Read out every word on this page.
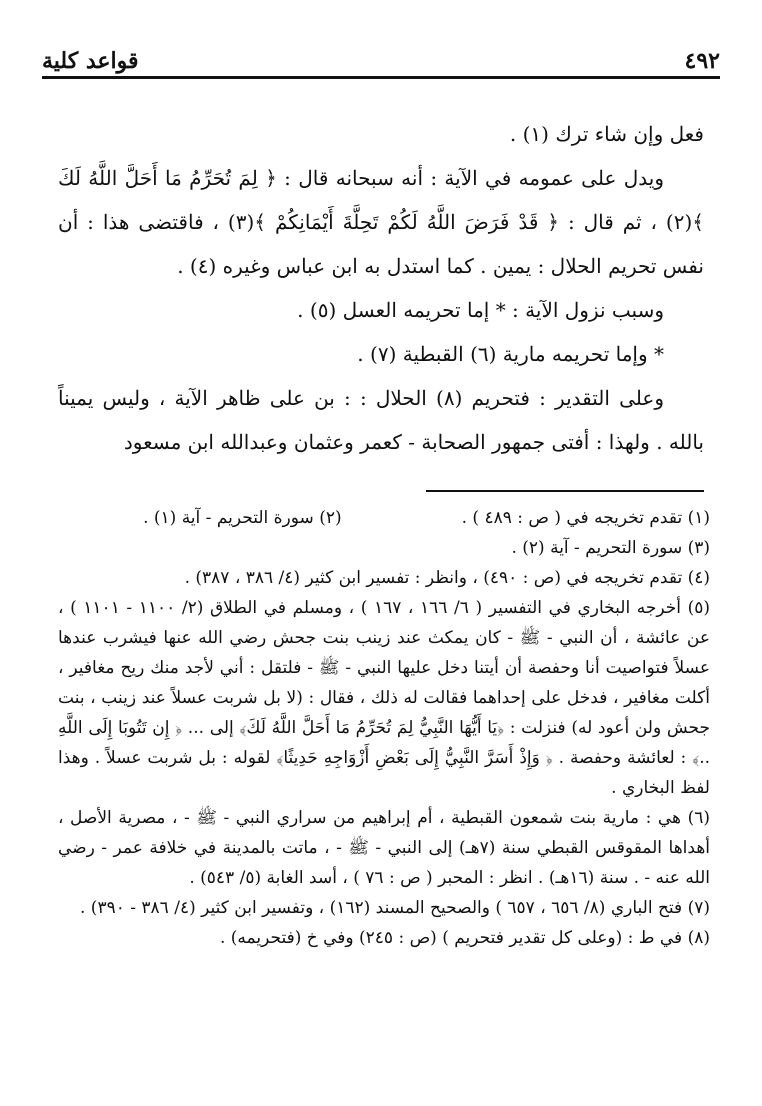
٤٩٢
قواعد كلية

فعل وإن شاء ترك (١) .

ويدل على عمومه في الآية : أنه سبحانه قال : ﴿ لِمَ تُحَرِّمُ مَا أَحَلَّ اللَّهُ لَكَ ﴾(٢) ، ثم قال : ﴿ قَدْ فَرَضَ اللَّهُ لَكُمْ تَحِلَّةَ أَيْمَانِكُمْ ﴾(٣) ، فاقتضى هذا : أن نفس تحريم الحلال : يمين . كما استدل به ابن عباس وغيره (٤) .

وسبب نزول الآية : * إما تحريمه العسل (٥) .

* وإما تحريمه مارية (٦) القبطية (٧) .

وعلى التقدير : فتحريم (٨) الحلال : : بن على ظاهر الآية ، وليس يميناً بالله . ولهذا : أفتى جمهور الصحابة - كعمر وعثمان وعبدالله ابن مسعود

(١) تقدم تخريجه في ( ص : ٤٨٩ ) .

(٢) سورة التحريم - آية (١) .

(٣) سورة التحريم - آية (٢) .

(٤) تقدم تخريجه في (ص : ٤٩٠) ، وانظر : تفسير ابن كثير (٤/ ٣٨٦ ، ٣٨٧) .

(٥) أخرجه البخاري في التفسير ( ٦/ ١٦٦ ، ١٦٧ ) ، ومسلم في الطلاق (٢/ ١١٠٠ - ١١٠١ ) ، عن عائشة ، أن النبي - ﷺ - كان يمكث عند زينب بنت جحش رضي الله عنها فيشرب عندها عسلاً فتواصيت أنا وحفصة أن أيتنا دخل عليها النبي - ﷺ - فلتقل : أني لأجد منك ريح مغافير ، أكلت مغافير ، فدخل على إحداهما فقالت له ذلك ، فقال : (لا بل شربت عسلاً عند زينب ، بنت جحش ولن أعود له) فنزلت : ﴿يَا أَيُّهَا النَّبِيُّ لِمَ تُحَرِّمُ مَا أَحَلَّ اللَّهُ لَكَ﴾ إلى ... ﴿ إِن تَتُوبَا إِلَى اللَّهِ ..﴾ : لعائشة وحفصة . ﴿ وَإِذْ أَسَرَّ النَّبِيُّ إِلَى بَعْضِ أَزْوَاجِهِ حَدِيثًا﴾ لقوله : بل شربت عسلاً . وهذا لفظ البخاري .

(٦) هي : مارية بنت شمعون القبطية ، أم إبراهيم من سراري النبي - ﷺ - ، مصرية الأصل ، أهداها المقوقس القبطي سنة (٧هـ) إلى النبي - ﷺ - ، ماتت بالمدينة في خلافة عمر - رضي الله عنه - . سنة (١٦هـ) . انظر : المحبر ( ص : ٧٦ ) ، أسد الغابة (٥/ ٥٤٣) .

(٧) فتح الباري (٨/ ٦٥٦ ، ٦٥٧ ) والصحيح المسند (١٦٢) ، وتفسير ابن كثير (٤/ ٣٨٦ - ٣٩٠) .

(٨) في ط : (وعلى كل تقدير فتحريم ) (ص : ٢٤٥) وفي خ (فتحريمه) .
